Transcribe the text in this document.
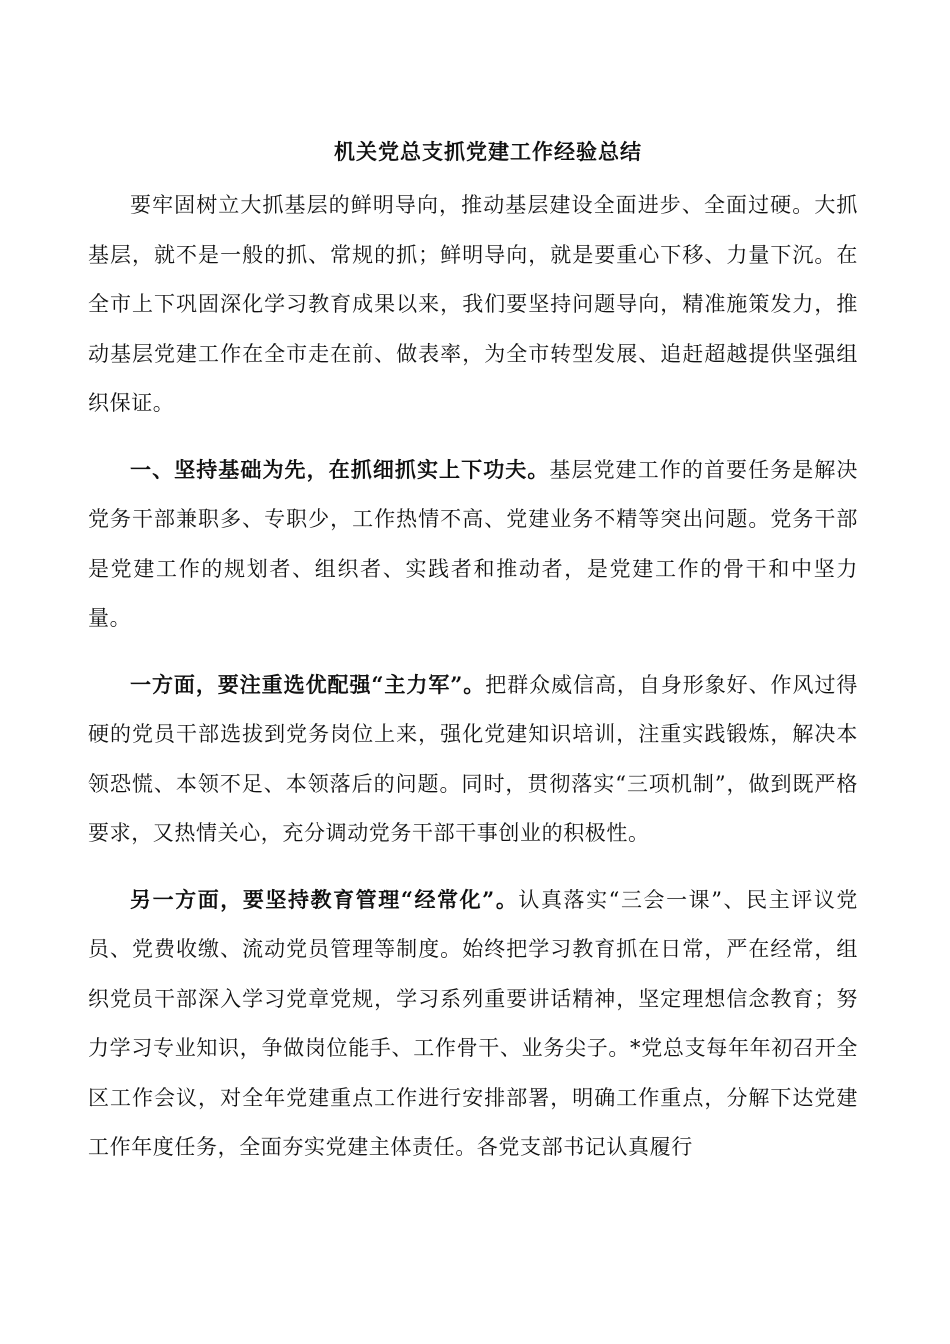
机关党总支抓党建工作经验总结

要牢固树立大抓基层的鲜明导向，推动基层建设全面进步、全面过硬。大抓基层，就不是一般的抓、常规的抓；鲜明导向，就是要重心下移、力量下沉。在全市上下巩固深化学习教育成果以来，我们要坚持问题导向，精准施策发力，推动基层党建工作在全市走在前、做表率，为全市转型发展、追赶超越提供坚强组织保证。

一、坚持基础为先，在抓细抓实上下功夫。基层党建工作的首要任务是解决党务干部兼职多、专职少，工作热情不高、党建业务不精等突出问题。党务干部是党建工作的规划者、组织者、实践者和推动者，是党建工作的骨干和中坚力量。

一方面，要注重选优配强“主力军”。把群众威信高，自身形象好、作风过得硬的党员干部选拔到党务岗位上来，强化党建知识培训，注重实践锻炼，解决本领恐慌、本领不足、本领落后的问题。同时，贯彻落实“三项机制”，做到既严格要求，又热情关心，充分调动党务干部干事创业的积极性。

另一方面，要坚持教育管理“经常化”。认真落实“三会一课”、民主评议党员、党费收缴、流动党员管理等制度。始终把学习教育抓在日常，严在经常，组织党员干部深入学习党章党规，学习系列重要讲话精神，坚定理想信念教育；努力学习专业知识，争做岗位能手、工作骨干、业务尖子。*党总支每年年初召开全区工作会议，对全年党建重点工作进行安排部署，明确工作重点，分解下达党建工作年度任务，全面夯实党建主体责任。各党支部书记认真履行
